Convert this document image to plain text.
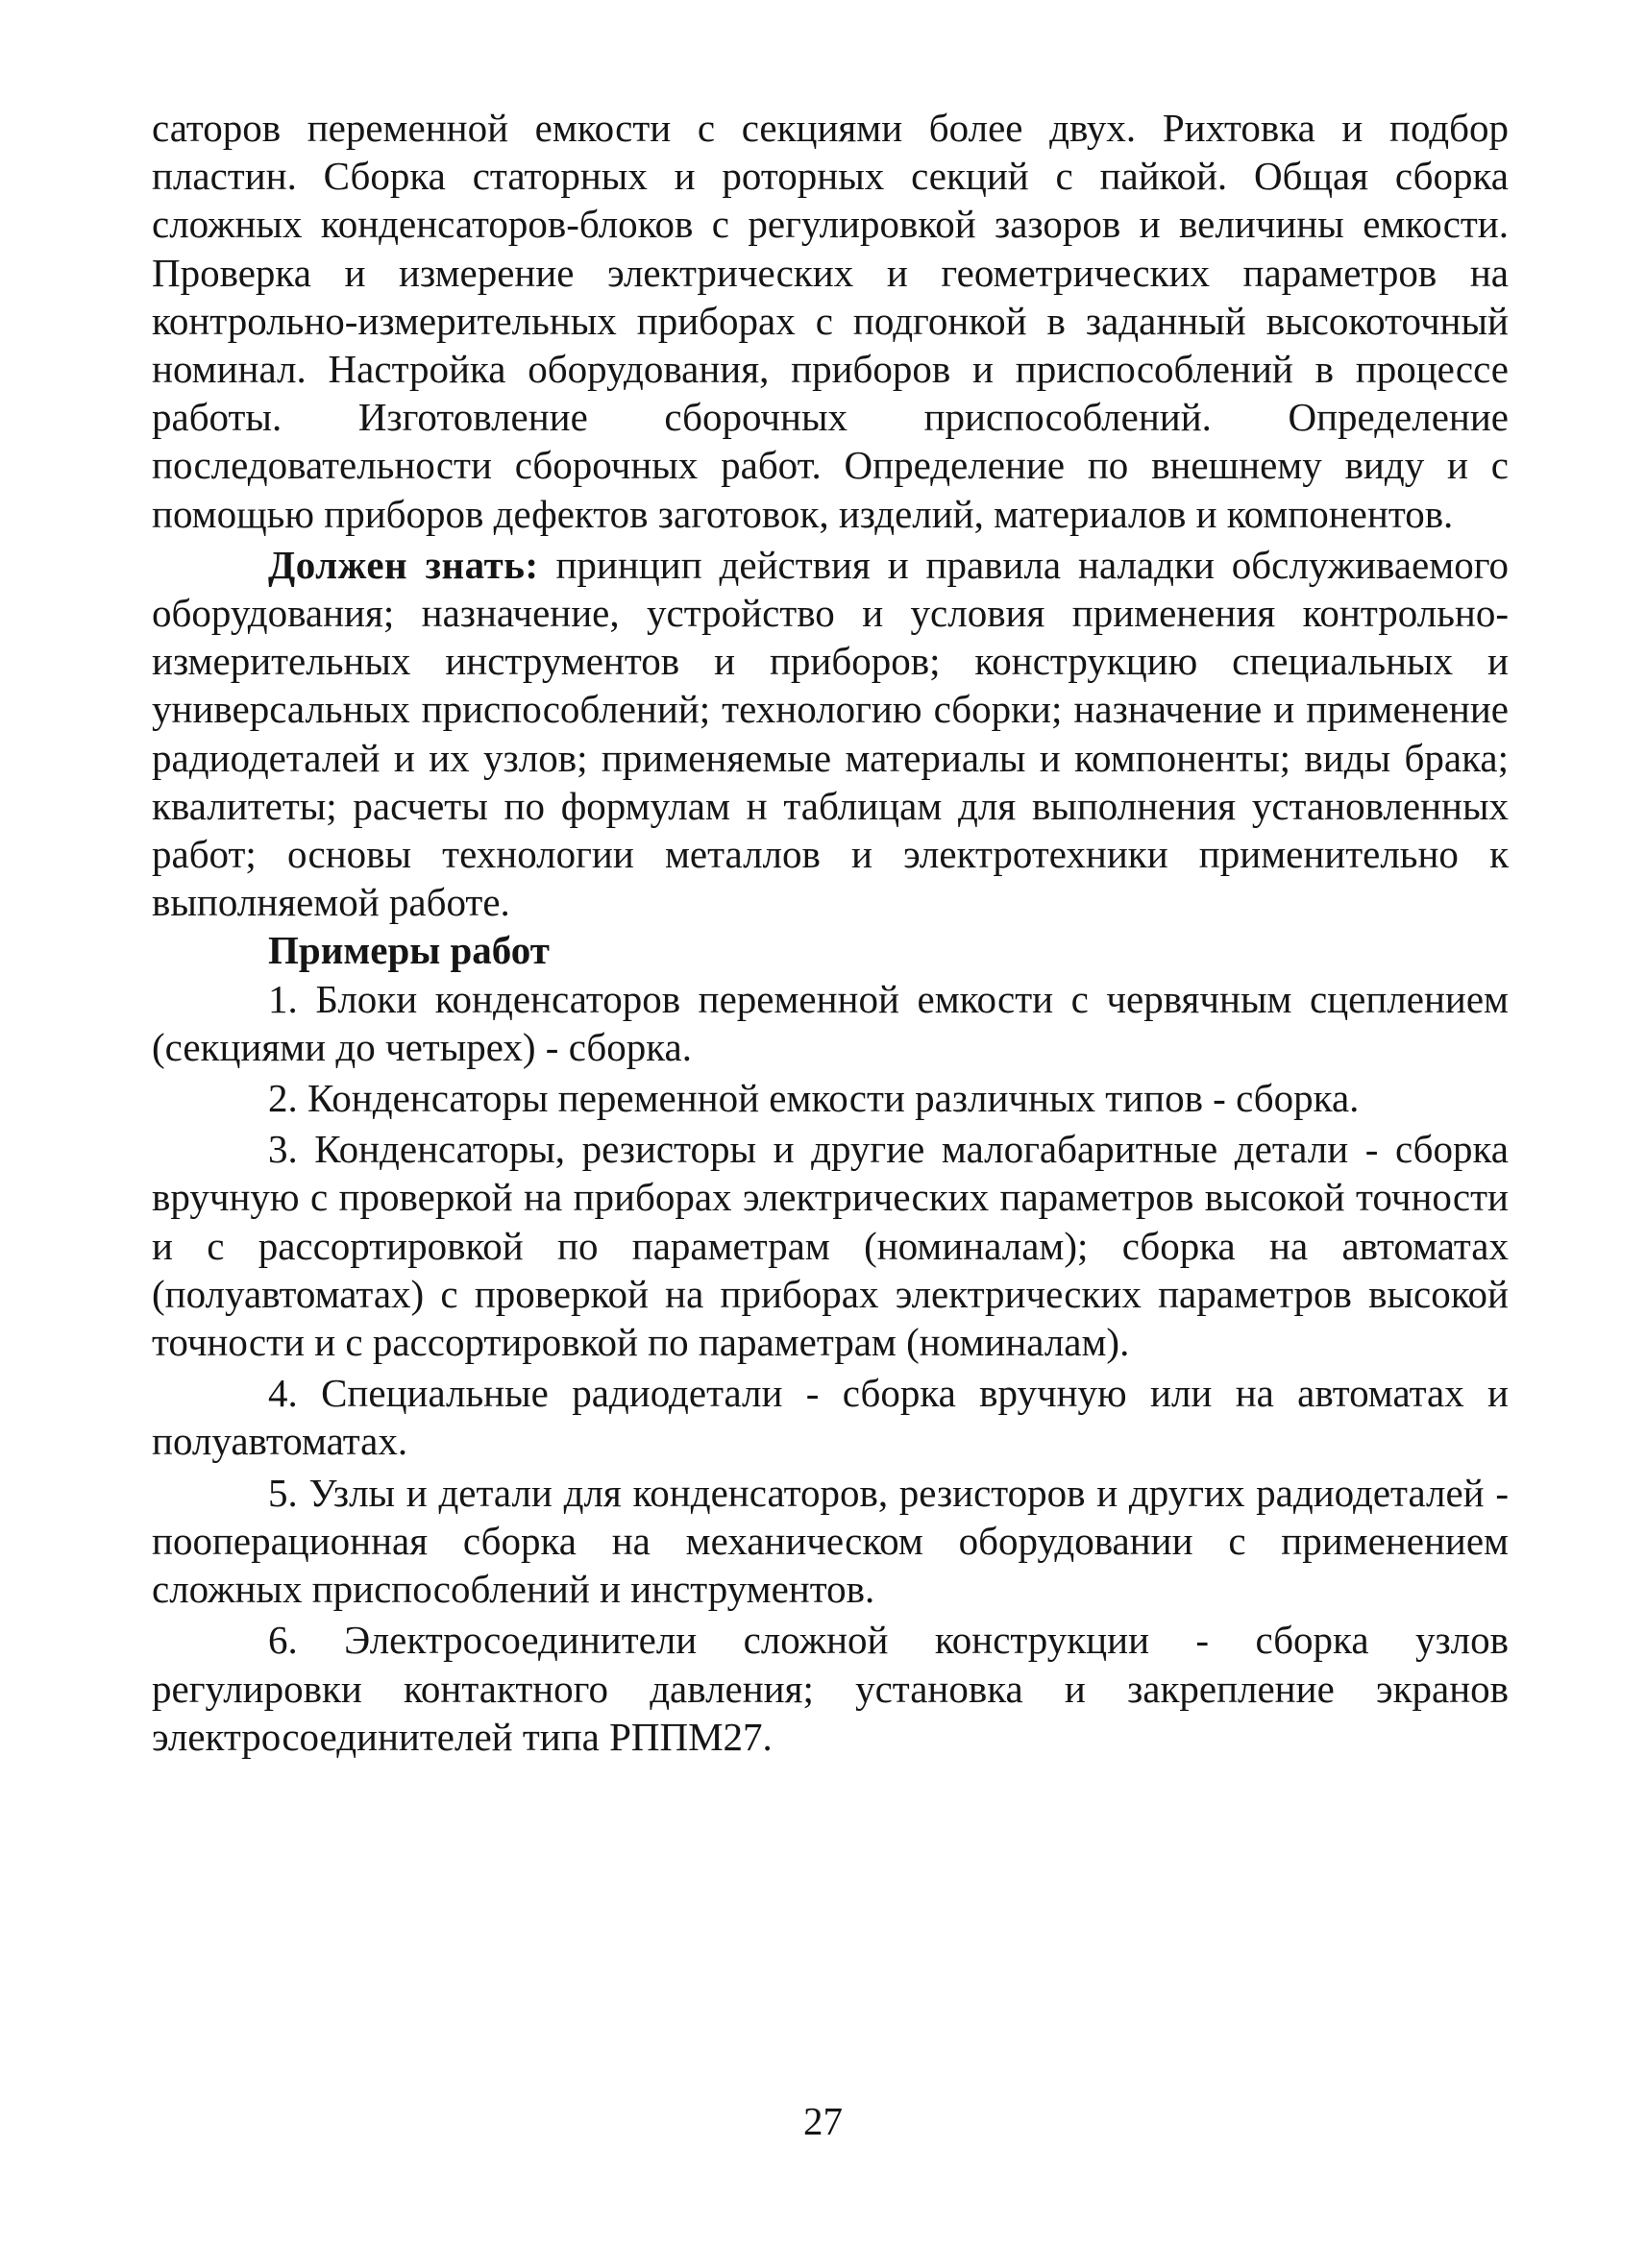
саторов переменной емкости с секциями более двух. Рихтовка и подбор пластин. Сборка статорных и роторных секций с пайкой. Общая сборка сложных конденсаторов-блоков с регулировкой зазоров и величины емкости. Проверка и измерение электрических и геометрических параметров на контрольно-измерительных приборах с подгонкой в заданный высокоточный номинал. Настройка оборудования, приборов и приспособлений в процессе работы. Изготовление сборочных приспособлений. Определение последовательности сборочных работ. Определение по внешнему виду и с помощью приборов дефектов заготовок, изделий, материалов и компонентов.

Должен знать: принцип действия и правила наладки обслуживаемого оборудования; назначение, устройство и условия применения контрольно-измерительных инструментов и приборов; конструкцию специальных и универсальных приспособлений; технологию сборки; назначение и применение радиодеталей и их узлов; применяемые материалы и компоненты; виды брака; квалитеты; расчеты по формулам н таблицам для выполнения установленных работ; основы технологии металлов и электротехники применительно к выполняемой работе.

Примеры работ

1. Блоки конденсаторов переменной емкости с червячным сцеплением (секциями до четырех) - сборка.

2. Конденсаторы переменной емкости различных типов - сборка.

3. Конденсаторы, резисторы и другие малогабаритные детали - сборка вручную с проверкой на приборах электрических параметров высокой точности и с рассортировкой по параметрам (номиналам); сборка на автоматах (полуавтоматах) с проверкой на приборах электрических параметров высокой точности и с рассортировкой по параметрам (номиналам).

4. Специальные радиодетали - сборка вручную или на автоматах и полуавтоматах.

5. Узлы и детали для конденсаторов, резисторов и других радиодеталей - пооперационная сборка на механическом оборудовании с применением сложных приспособлений и инструментов.

6. Электросоединители сложной конструкции - сборка узлов регулировки контактного давления; установка и закрепление экранов электросоединителей типа РППМ27.

27
